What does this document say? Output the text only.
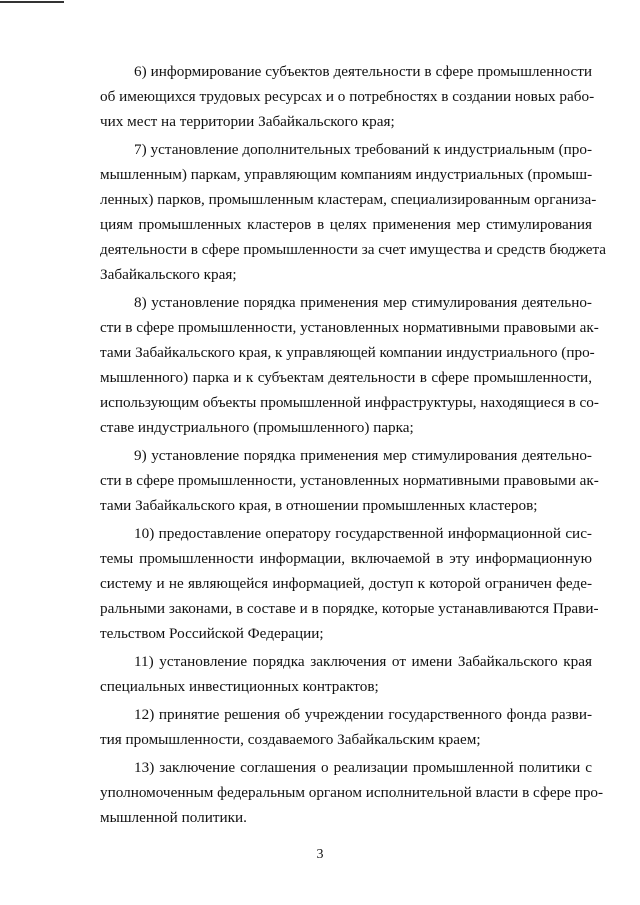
6) информирование субъектов деятельности в сфере промышленности
об имеющихся трудовых ресурсах и о потребностях в создании новых рабо-
чих мест на территории Забайкальского края;
7) установление дополнительных требований к индустриальным (про-
мышленным) паркам, управляющим компаниям индустриальных (промыш-
ленных) парков, промышленным кластерам, специализированным организа-
циям промышленных кластеров в целях применения мер стимулирования
деятельности в сфере промышленности за счет имущества и средств бюджета
Забайкальского края;
8) установление порядка применения мер стимулирования деятельно-
сти в сфере промышленности, установленных нормативными правовыми ак-
тами Забайкальского края, к управляющей компании индустриального (про-
мышленного) парка и к субъектам деятельности в сфере промышленности,
использующим объекты промышленной инфраструктуры, находящиеся в со-
ставе индустриального (промышленного) парка;
9) установление порядка применения мер стимулирования деятельно-
сти в сфере промышленности, установленных нормативными правовыми ак-
тами Забайкальского края, в отношении промышленных кластеров;
10) предоставление оператору государственной информационной сис-
темы промышленности информации, включаемой в эту информационную
систему и не являющейся информацией, доступ к которой ограничен феде-
ральными законами, в составе и в порядке, которые устанавливаются Прави-
тельством Российской Федерации;
11) установление порядка заключения от имени Забайкальского края
специальных инвестиционных контрактов;
12) принятие решения об учреждении государственного фонда разви-
тия промышленности, создаваемого Забайкальским краем;
13) заключение соглашения о реализации промышленной политики с
уполномоченным федеральным органом исполнительной власти в сфере про-
мышленной политики.
3
